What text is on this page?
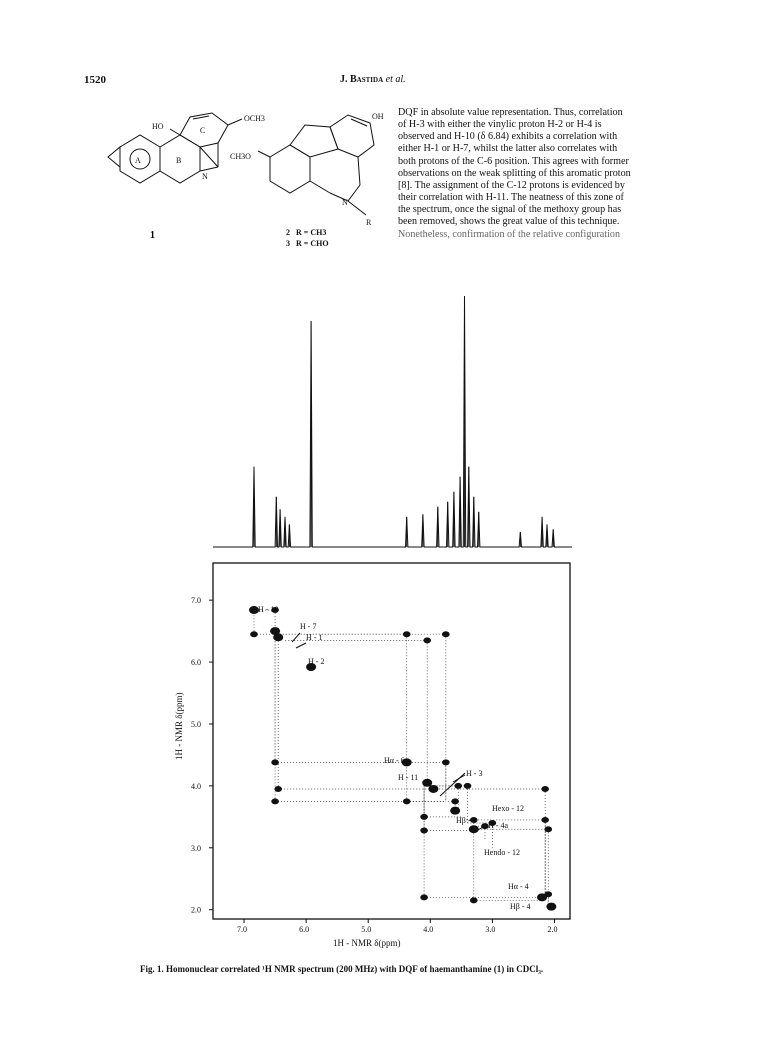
1520	J. Bastida et al.
A	B
C
OCH3
HO
N
1
OH
CH3O
N
R
2 R = CH3
3 R = CHO
DQF in absolute value representation. Thus, correlation
of H-3 with either the vinylic proton H-2 or H-4 is
observed and H-10 (δ 6.84) exhibits a correlation with
either H-1 or H-7, whilst the latter also correlates with
both protons of the C-6 position. This agrees with former
observations on the weak splitting of this aromatic proton
[8]. The assignment of the C-12 protons is evidenced by
their correlation with H-11. The neatness of this zone of
the spectrum, once the signal of the methoxy group has
been removed, shows the great value of this technique.
Nonetheless, confirmation of the relative configuration
7.0	6.0	5.0	4.0	3.0	2.0
7.0
6.0
5.0
4.0
3.0
2.0
H - 10
H - 7
H - 1
H - 2
Hα - 6
H - 11	H - 3
Hexo - 12
Hβ - 6
H - 4a
Hendo - 12
Hα - 4
Hβ - 4
1H - NMR δ(ppm)
1H - NMR δ(ppm)
Fig. 1. Homonuclear correlated ¹H NMR spectrum (200 MHz) with DQF of haemanthamine (1) in CDCl₃.
